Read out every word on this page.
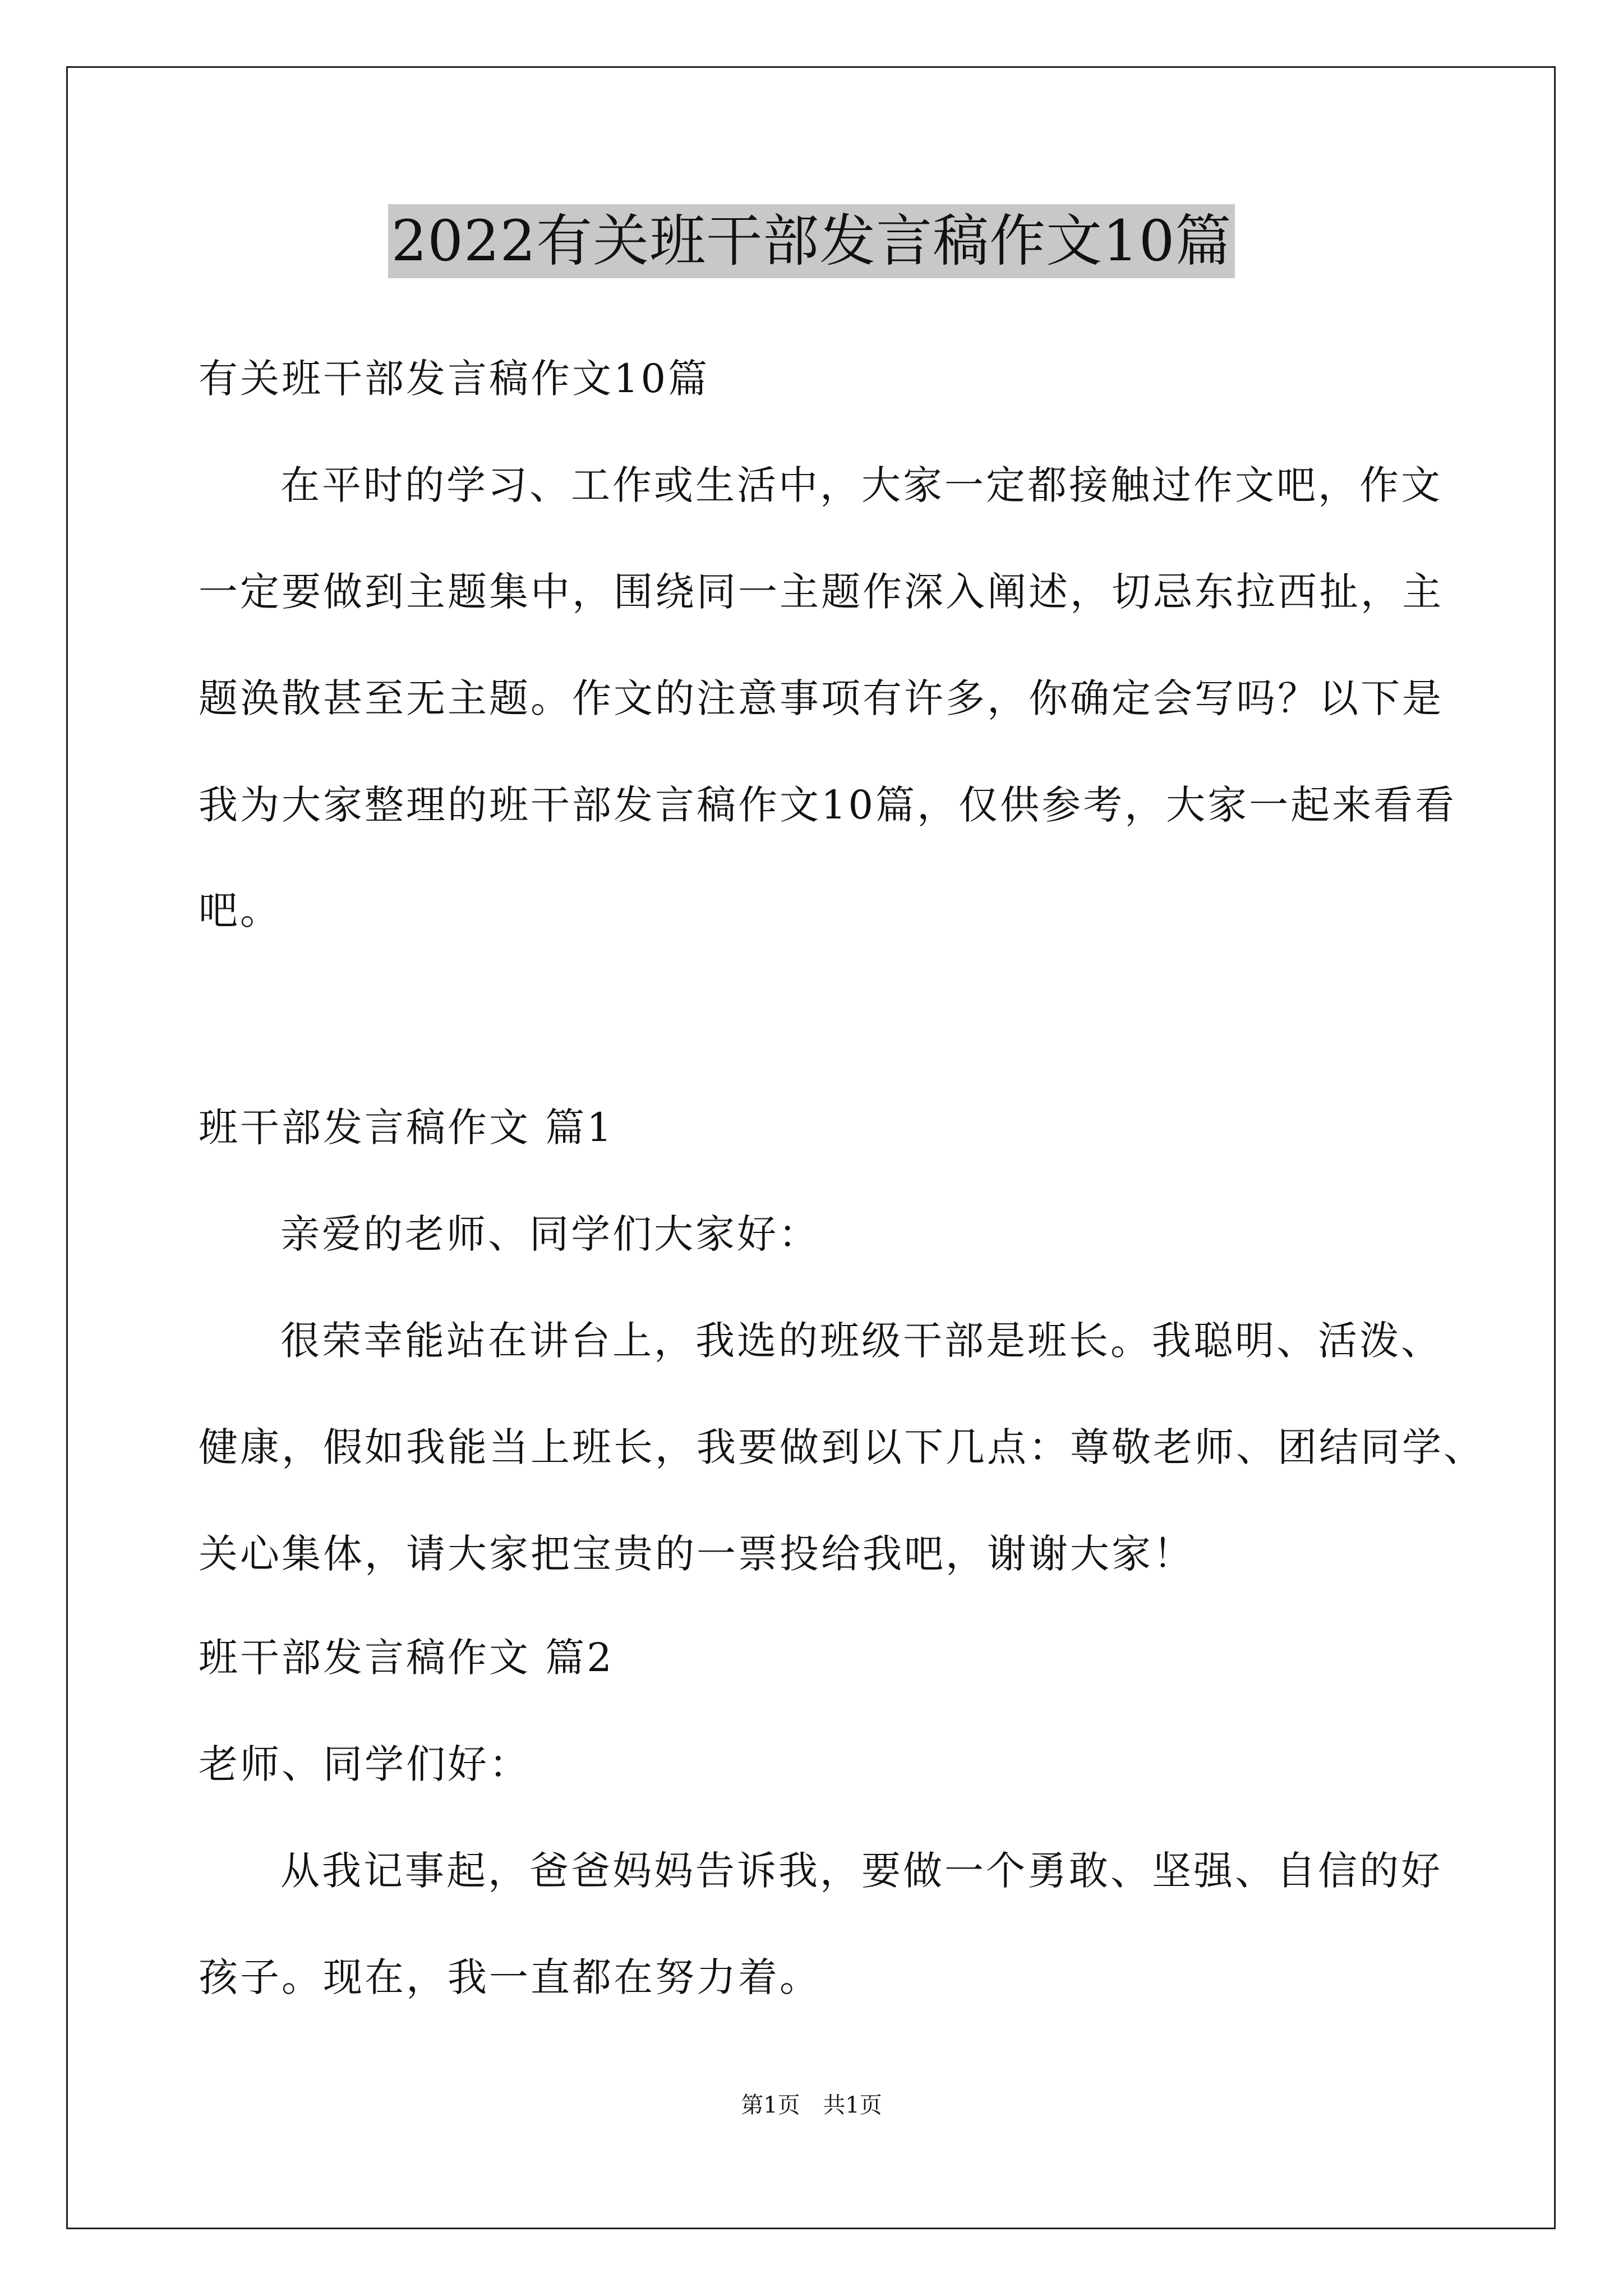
2022有关班干部发言稿作文10篇
有关班干部发言稿作文10篇
在平时的学习、工作或生活中，大家一定都接触过作文吧，作文
一定要做到主题集中，围绕同一主题作深入阐述，切忌东拉西扯，主
题涣散甚至无主题。作文的注意事项有许多，你确定会写吗？以下是
我为大家整理的班干部发言稿作文10篇，仅供参考，大家一起来看看
吧。
班干部发言稿作文 篇1
亲爱的老师、同学们大家好：
很荣幸能站在讲台上，我选的班级干部是班长。我聪明、活泼、
健康，假如我能当上班长，我要做到以下几点：尊敬老师、团结同学、
关心集体，请大家把宝贵的一票投给我吧，谢谢大家！
班干部发言稿作文 篇2
老师、同学们好：
从我记事起，爸爸妈妈告诉我，要做一个勇敢、坚强、自信的好
孩子。现在，我一直都在努力着。
第1页 共1页
